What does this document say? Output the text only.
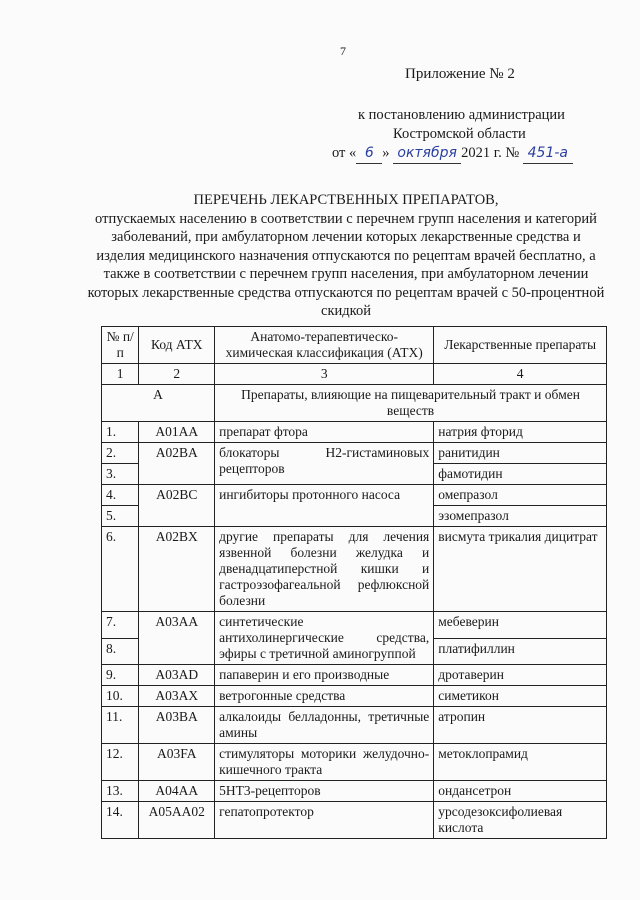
7
Приложение № 2
к постановлению администрации
Костромской области
от « 6 » октября 2021 г. № 451-а
ПЕРЕЧЕНЬ ЛЕКАРСТВЕННЫХ ПРЕПАРАТОВ,
отпускаемых населению в соответствии с перечнем групп населения и категорий заболеваний, при амбулаторном лечении которых лекарственные средства и изделия медицинского назначения отпускаются по рецептам врачей бесплатно, а также в соответствии с перечнем групп населения, при амбулаторном лечении которых лекарственные средства отпускаются по рецептам врачей с 50-процентной скидкой
№ п/п	Код АТХ	Анатомо-терапевтическо-химическая классификация (АТХ)	Лекарственные препараты
1	2	3	4
А		Препараты, влияющие на пищеварительный тракт и обмен веществ	
1.	A01AA	препарат фтора	натрия фторид
2.	A02BA	блокаторы Н2-гистаминовых рецепторов	ранитидин
3.			фамотидин
4.	A02BC	ингибиторы протонного насоса	омепразол
5.			эзомепразол
6.	A02BX	другие препараты для лечения язвенной болезни желудка и двенадцатиперстной кишки и гастроэзофагеальной рефлюксной болезни	висмута трикалия дицитрат
7.	A03AA	синтетические антихолинергические средства, эфиры с третичной аминогруппой	мебеверин
8.			платифиллин
9.	A03AD	папаверин и его производные	дротаверин
10.	A03AX	ветрогонные средства	симетикон
11.	A03BA	алкалоиды белладонны, третичные амины	атропин
12.	A03FA	стимуляторы моторики желудочно-кишечного тракта	метоклопрамид
13.	A04AA	5НТ3-рецепторов	ондансетрон
14.	A05AA02	гепатопротектор	урсодезоксифолиевая кислота
